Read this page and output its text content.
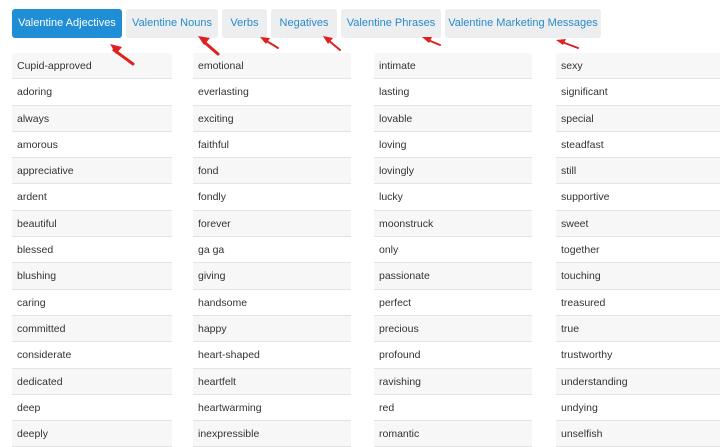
Valentine Adjectives	Valentine Nouns	Verbs	Negatives	Valentine Phrases	Valentine Marketing Messages
Cupid-approved
adoring
always
amorous
appreciative
ardent
beautiful
blessed
blushing
caring
committed
considerate
dedicated
deep
deeply
emotional
everlasting
exciting
faithful
fond
fondly
forever
ga ga
giving
handsome
happy
heart-shaped
heartfelt
heartwarming
inexpressible
intimate
lasting
lovable
loving
lovingly
lucky
moonstruck
only
passionate
perfect
precious
profound
ravishing
red
romantic
sexy
significant
special
steadfast
still
supportive
sweet
together
touching
treasured
true
trustworthy
understanding
undying
unselfish
